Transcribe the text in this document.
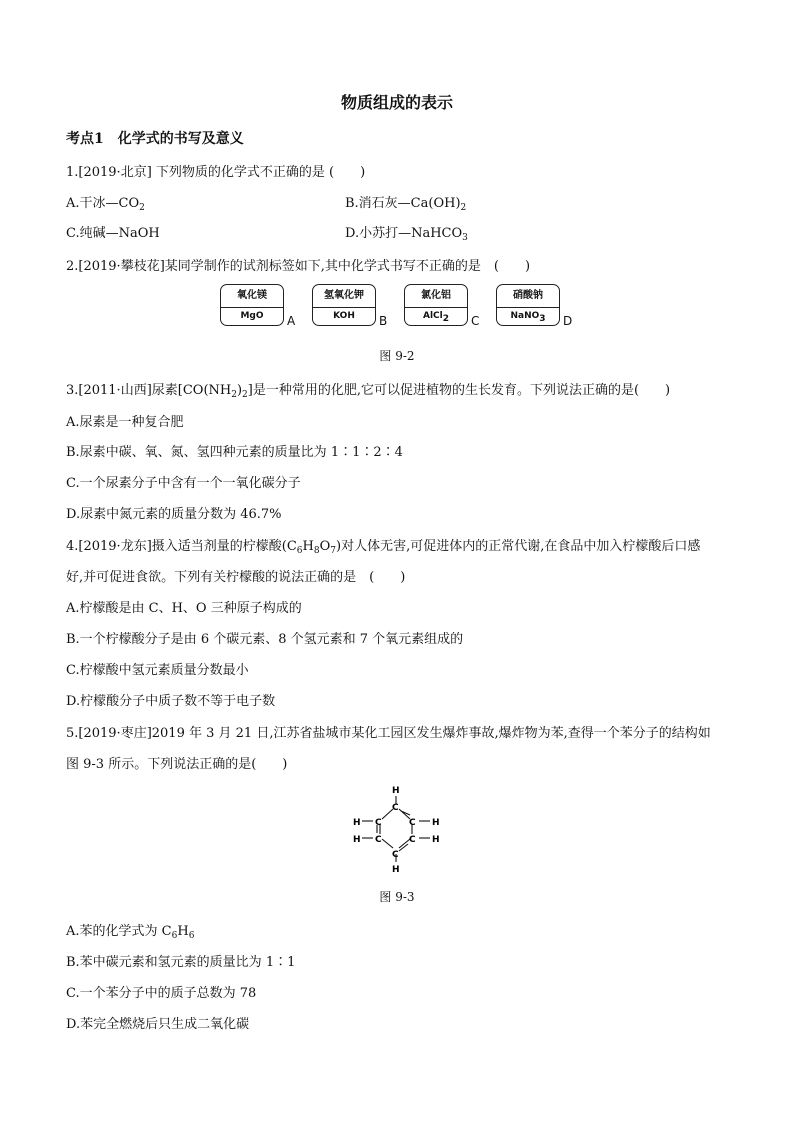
物质组成的表示
考点1　化学式的书写及意义
1.[2019·北京] 下列物质的化学式不正确的是 (　　)
A.干冰$—CO_2$	B.消石灰$—Ca(OH)_2$
C.纯碱—NaOH	D.小苏打—NaHCO$_3$
2.[2019·攀枝花]某同学制作的试剂标签如下,其中化学式书写不正确的是　(　　)
氧化镁
MgO	A
氢氧化钾
KOH	B
氯化铝
AlCl$_2$	C
硝酸钠
NaNO$_3$	D
图 9-2
3.[2011·山西]尿素$[CO(NH_2)_2]$是一种常用的化肥,它可以促进植物的生长发育。下列说法正确的是(　　)
A.尿素是一种复合肥
B.尿素中碳、氧、氮、氢四种元素的质量比为 1∶1∶2∶4
C.一个尿素分子中含有一个一氧化碳分子
D.尿素中氮元素的质量分数为 46.7%
4.[2019·龙东]摄入适当剂量的柠檬酸$(C_6H_8O_7)$对人体无害,可促进体内的正常代谢,在食品中加入柠檬酸后口感
好,并可促进食欲。下列有关柠檬酸的说法正确的是　(　　)
A.柠檬酸是由 C、H、O 三种原子构成的
B.一个柠檬酸分子是由 6 个碳元素、8 个氢元素和 7 个氧元素组成的
C.柠檬酸中氢元素质量分数最小
D.柠檬酸分子中质子数不等于电子数
5.[2019·枣庄]2019 年 3 月 21 日,江苏省盐城市某化工园区发生爆炸事故,爆炸物为苯,查得一个苯分子的结构如
图 9-3 所示。下列说法正确的是(　　)
H
C
H C	C H
H C	C H
C
H
图 9-3
A.苯的化学式为 $C_6H_6$
B.苯中碳元素和氢元素的质量比为 1∶1
C.一个苯分子中的质子总数为 78
D.苯完全燃烧后只生成二氧化碳
